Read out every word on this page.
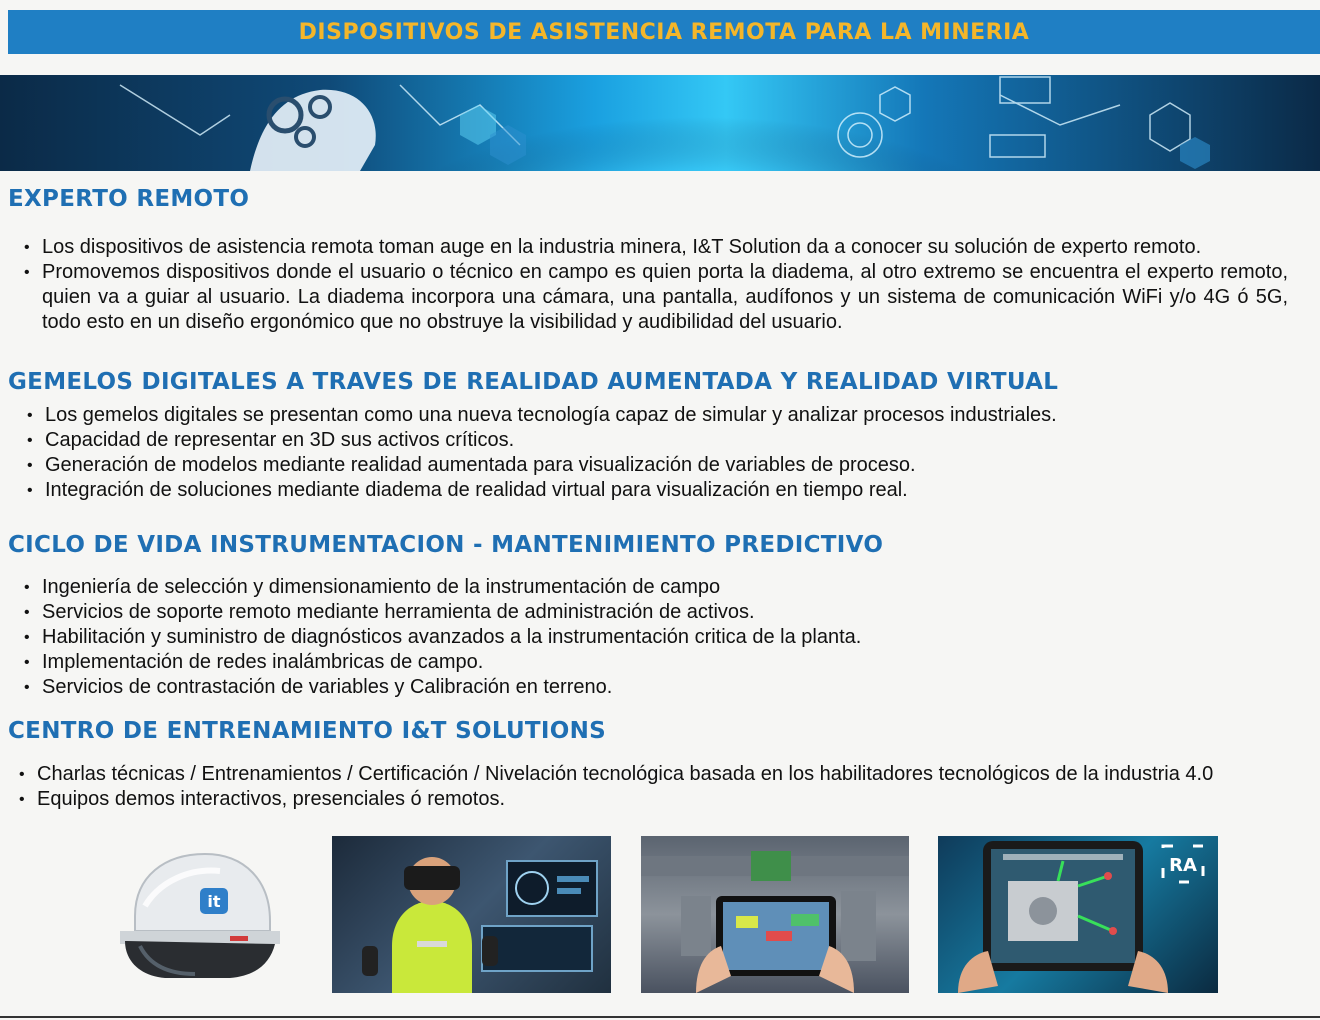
DISPOSITIVOS DE ASISTENCIA REMOTA PARA LA MINERIA
EXPERTO REMOTO
• Los dispositivos de asistencia remota toman auge en la industria minera, I&T Solution da a conocer su solución de experto remoto.
• Promovemos dispositivos donde el usuario o técnico en campo es quien porta la diadema, al otro extremo se encuentra el experto remoto, quien va a guiar al usuario. La diadema incorpora una cámara, una pantalla, audífonos y un sistema de comunicación WiFi y/o 4G ó 5G, todo esto en un diseño ergonómico que no obstruye la visibilidad y audibilidad del usuario.
GEMELOS DIGITALES A TRAVES DE REALIDAD AUMENTADA Y REALIDAD VIRTUAL
• Los gemelos digitales se presentan como una nueva tecnología capaz de simular y analizar procesos industriales.
• Capacidad de representar en 3D sus activos críticos.
• Generación de modelos mediante realidad aumentada para visualización de variables de proceso.
• Integración de soluciones mediante diadema de realidad virtual para visualización en tiempo real.
CICLO DE VIDA INSTRUMENTACION - MANTENIMIENTO PREDICTIVO
• Ingeniería de selección y dimensionamiento de la instrumentación de campo
• Servicios de soporte remoto mediante herramienta de administración de activos.
• Habilitación y suministro de diagnósticos avanzados a la instrumentación critica de la planta.
• Implementación de redes inalámbricas de campo.
• Servicios de contrastación de variables y Calibración en terreno.
CENTRO DE ENTRENAMIENTO I&T SOLUTIONS
• Charlas técnicas / Entrenamientos / Certificación / Nivelación tecnológica basada en los habilitadores tecnológicos de la industria 4.0
• Equipos demos interactivos, presenciales ó remotos.
it
RA
